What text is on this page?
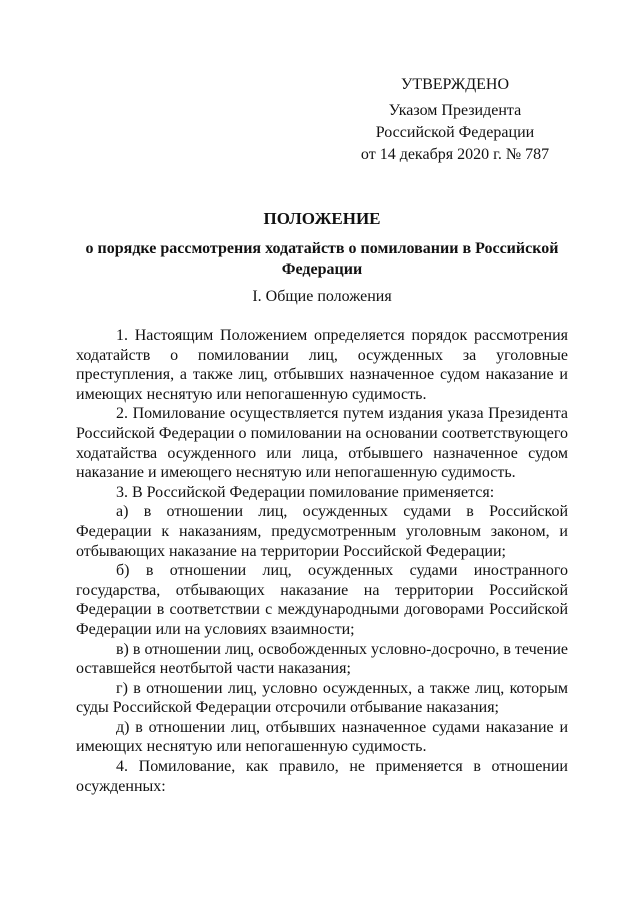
УТВЕРЖДЕНО
Указом Президента
Российской Федерации
от 14 декабря 2020 г. № 787
ПОЛОЖЕНИЕ
о порядке рассмотрения ходатайств о помиловании в Российской Федерации
I. Общие положения

1. Настоящим Положением определяется порядок рассмотрения ходатайств о помиловании лиц, осужденных за уголовные преступления, а также лиц, отбывших назначенное судом наказание и имеющих неснятую или непогашенную судимость.

2. Помилование осуществляется путем издания указа Президента Российской Федерации о помиловании на основании соответствующего ходатайства осужденного или лица, отбывшего назначенное судом наказание и имеющего неснятую или непогашенную судимость.

3. В Российской Федерации помилование применяется:

а) в отношении лиц, осужденных судами в Российской Федерации к наказаниям, предусмотренным уголовным законом, и отбывающих наказание на территории Российской Федерации;

б) в отношении лиц, осужденных судами иностранного государства, отбывающих наказание на территории Российской Федерации в соответствии с международными договорами Российской Федерации или на условиях взаимности;

в) в отношении лиц, освобожденных условно-досрочно, в течение оставшейся неотбытой части наказания;

г) в отношении лиц, условно осужденных, а также лиц, которым суды Российской Федерации отсрочили отбывание наказания;

д) в отношении лиц, отбывших назначенное судами наказание и имеющих неснятую или непогашенную судимость.

4. Помилование, как правило, не применяется в отношении осужденных:
